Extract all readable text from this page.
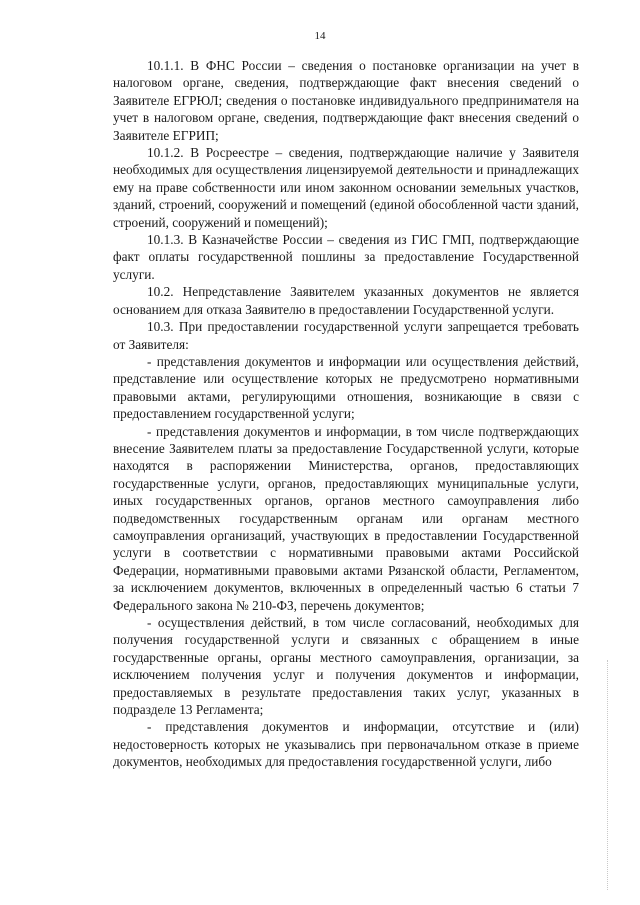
14

10.1.1. В ФНС России – сведения о постановке организации на учет в налоговом органе, сведения, подтверждающие факт внесения сведений о Заявителе ЕГРЮЛ; сведения о постановке индивидуального предпринимателя на учет в налоговом органе, сведения, подтверждающие факт внесения сведений о Заявителе ЕГРИП;

10.1.2. В Росреестре – сведения, подтверждающие наличие у Заявителя необходимых для осуществления лицензируемой деятельности и принадлежащих ему на праве собственности или ином законном основании земельных участков, зданий, строений, сооружений и помещений (единой обособленной части зданий, строений, сооружений и помещений);

10.1.3. В Казначействе России – сведения из ГИС ГМП, подтверждающие факт оплаты государственной пошлины за предоставление Государственной услуги.

10.2. Непредставление Заявителем указанных документов не является основанием для отказа Заявителю в предоставлении Государственной услуги.

10.3. При предоставлении государственной услуги запрещается требовать от Заявителя:

- представления документов и информации или осуществления действий, представление или осуществление которых не предусмотрено нормативными правовыми актами, регулирующими отношения, возникающие в связи с предоставлением государственной услуги;

- представления документов и информации, в том числе подтверждающих внесение Заявителем платы за предоставление Государственной услуги, которые находятся в распоряжении Министерства, органов, предоставляющих государственные услуги, органов, предоставляющих муниципальные услуги, иных государственных органов, органов местного самоуправления либо подведомственных государственным органам или органам местного самоуправления организаций, участвующих в предоставлении Государственной услуги в соответствии с нормативными правовыми актами Российской Федерации, нормативными правовыми актами Рязанской области, Регламентом, за исключением документов, включенных в определенный частью 6 статьи 7 Федерального закона № 210-ФЗ, перечень документов;

- осуществления действий, в том числе согласований, необходимых для получения государственной услуги и связанных с обращением в иные государственные органы, органы местного самоуправления, организации, за исключением получения услуг и получения документов и информации, предоставляемых в результате предоставления таких услуг, указанных в подразделе 13 Регламента;

- представления документов и информации, отсутствие и (или) недостоверность которых не указывались при первоначальном отказе в приеме документов, необходимых для предоставления государственной услуги, либо
